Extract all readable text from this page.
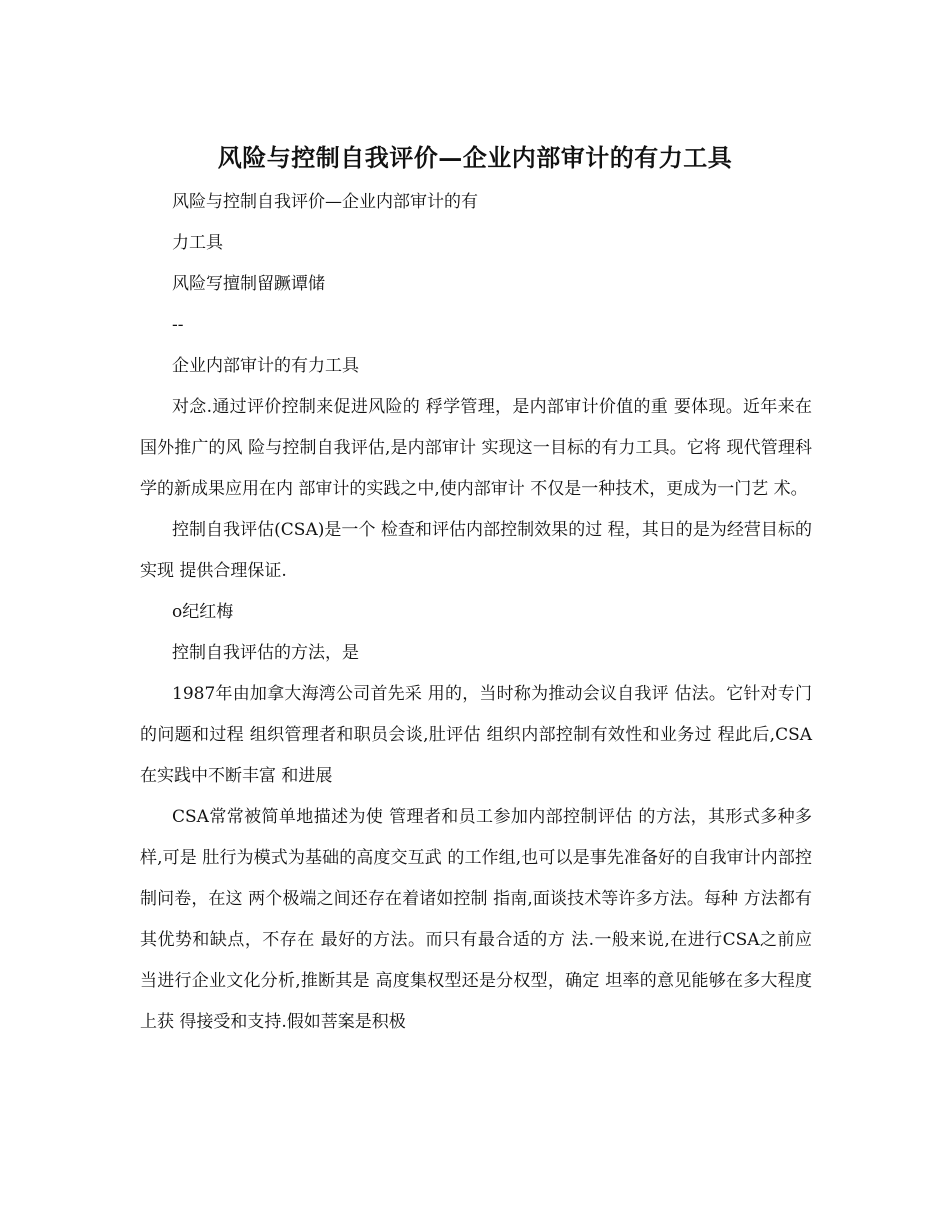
风险与控制自我评价—企业内部审计的有力工具

风险与控制自我评价—企业内部审计的有

力工具

风险写擅制留蹶谭储

--

企业内部审计的有力工具

对念.通过评价控制来促进风险的 稃学管理，是内部审计价值的重 要体现。近年来在国外推广的风 险与控制自我评估,是内部审计 实现这一目标的有力工具。它将 现代管理科学的新成果应用在内 部审计的实践之中,使内部审计 不仅是一种技术，更成为一门艺 术。

控制自我评估(CSA)是一个 检查和评估内部控制效果的过 程，其日的是为经营目标的实现 提供合理保证.

o纪红梅

控制自我评估的方法，是

1987年由加拿大海湾公司首先采 用的，当时称为推动会议自我评 估法。它针对专门的问题和过程 组织管理者和职员会谈,肚评估 组织内部控制有效性和业务过 程此后,CSA在实践中不断丰富 和进展

CSA常常被简单地描述为使 管理者和员工参加内部控制评估 的方法，其形式多种多样,可是 肚行为模式为基础的高度交互武 的工作组,也可以是事先准备好的自我审计内部控制问卷，在这 两个极端之间还存在着诸如控制 指南,面谈技术等许多方法。每种 方法都有其优势和缺点，不存在 最好的方法。而只有最合适的方 法.一般来说,在进行CSA之前应 当进行企业文化分析,推断其是 高度集权型还是分权型，确定 坦率的意见能够在多大程度上获 得接受和支持.假如菩案是积极
